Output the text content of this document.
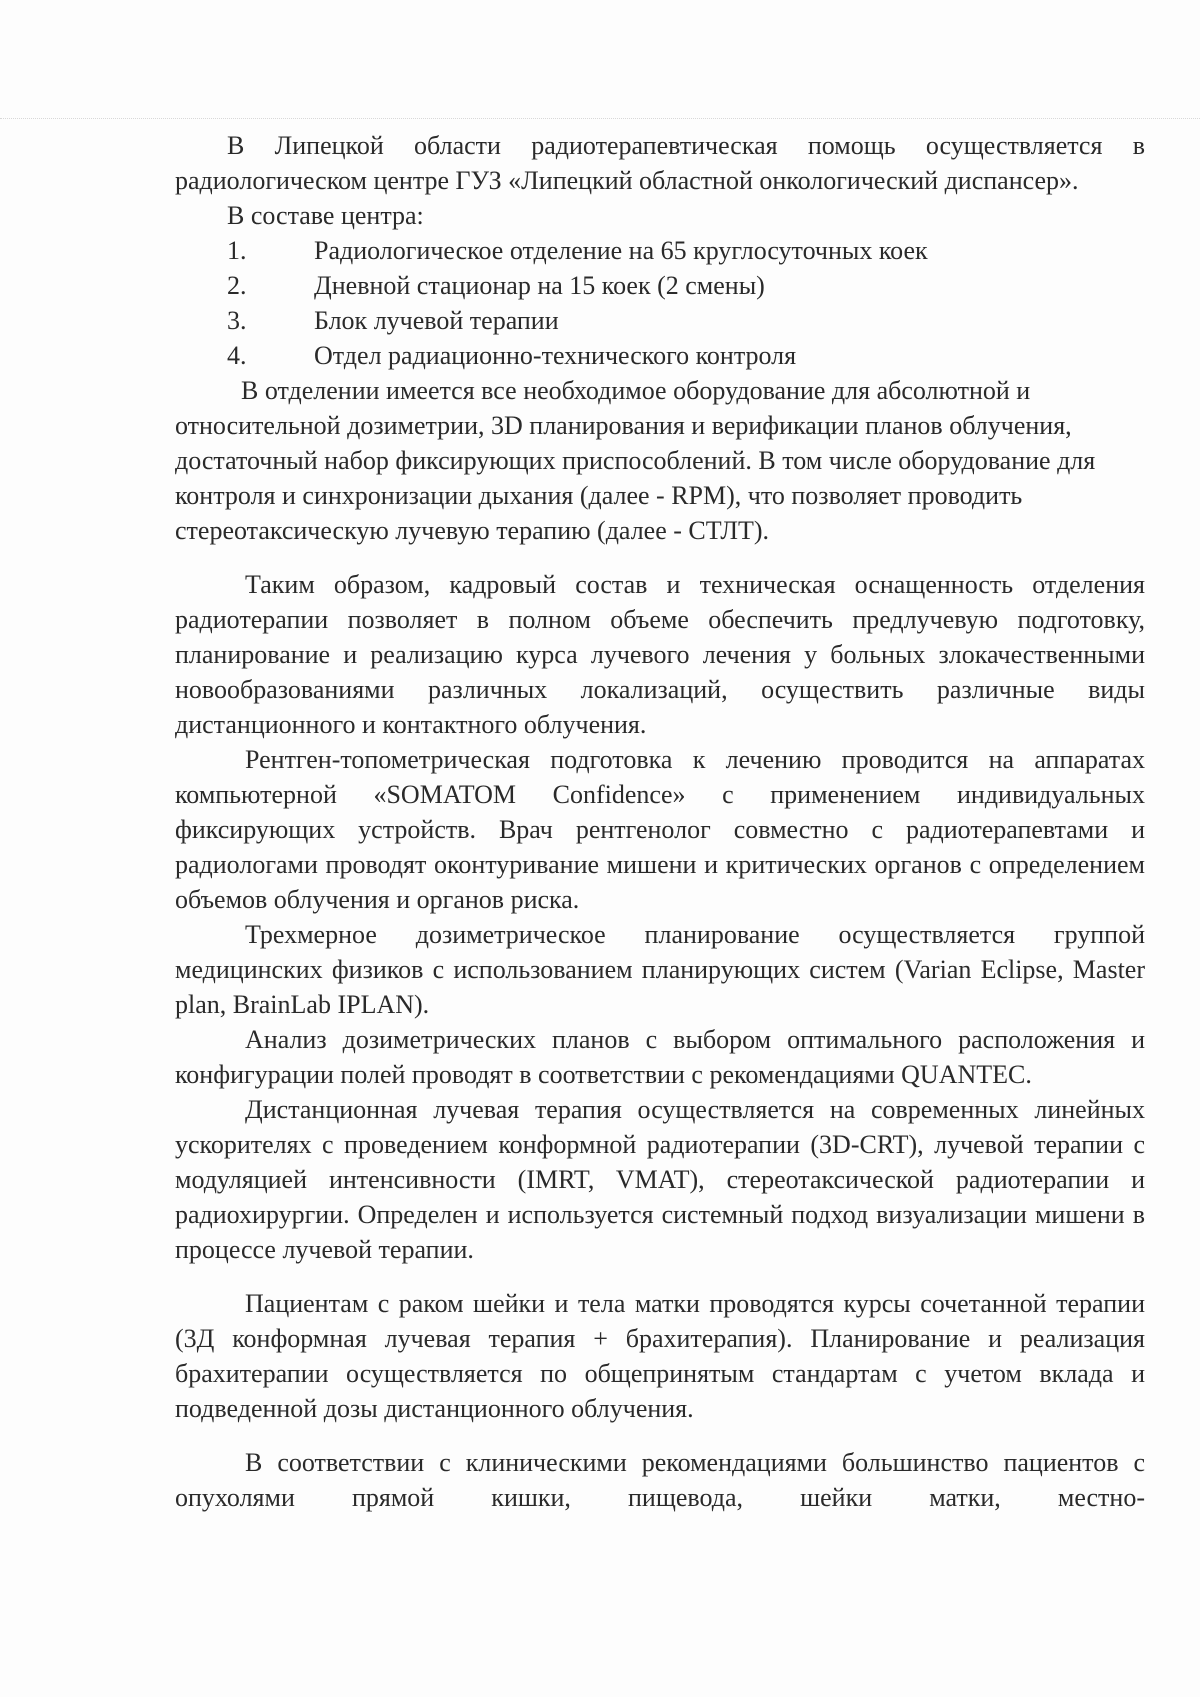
В Липецкой области радиотерапевтическая помощь осуществляется в радиологическом центре ГУЗ «Липецкий областной онкологический диспансер».

В составе центра:

1.	Радиологическое отделение на 65 круглосуточных коек
2.	Дневной стационар на 15 коек (2 смены)
3.	Блок лучевой терапии
4.	Отдел радиационно-технического контроля

В отделении имеется все необходимое оборудование для абсолютной и относительной дозиметрии, 3D планирования и верификации планов облучения, достаточный набор фиксирующих приспособлений. В том числе оборудование для контроля и синхронизации дыхания (далее - RPM), что позволяет проводить стереотаксическую лучевую терапию (далее - СТЛТ).

Таким образом, кадровый состав и техническая оснащенность отделения радиотерапии позволяет в полном объеме обеспечить предлучевую подготовку, планирование и реализацию курса лучевого лечения у больных злокачественными новообразованиями различных локализаций, осуществить различные виды дистанционного и контактного облучения.

Рентген-топометрическая подготовка к лечению проводится на аппаратах компьютерной «SOMATOM Confidence» с применением индивидуальных фиксирующих устройств. Врач рентгенолог совместно с радиотерапевтами и радиологами проводят оконтуривание мишени и критических органов с определением объемов облучения и органов риска.

Трехмерное дозиметрическое планирование осуществляется группой медицинских физиков с использованием планирующих систем (Varian Eclipse, Master plan, BrainLab IPLAN).

Анализ дозиметрических планов с выбором оптимального расположения и конфигурации полей проводят в соответствии с рекомендациями QUANTEC.

Дистанционная лучевая терапия осуществляется на современных линейных ускорителях с проведением конформной радиотерапии (3D-CRT), лучевой терапии с модуляцией интенсивности (IMRT, VMAT), стереотаксической радиотерапии и радиохирургии. Определен и используется системный подход визуализации мишени в процессе лучевой терапии.

Пациентам с раком шейки и тела матки проводятся курсы сочетанной терапии (3Д конформная лучевая терапия + брахитерапия). Планирование и реализация брахитерапии осуществляется по общепринятым стандартам с учетом вклада и подведенной дозы дистанционного облучения.

В соответствии с клиническими рекомендациями большинство пациентов с опухолями прямой кишки, пищевода, шейки матки, местно-
